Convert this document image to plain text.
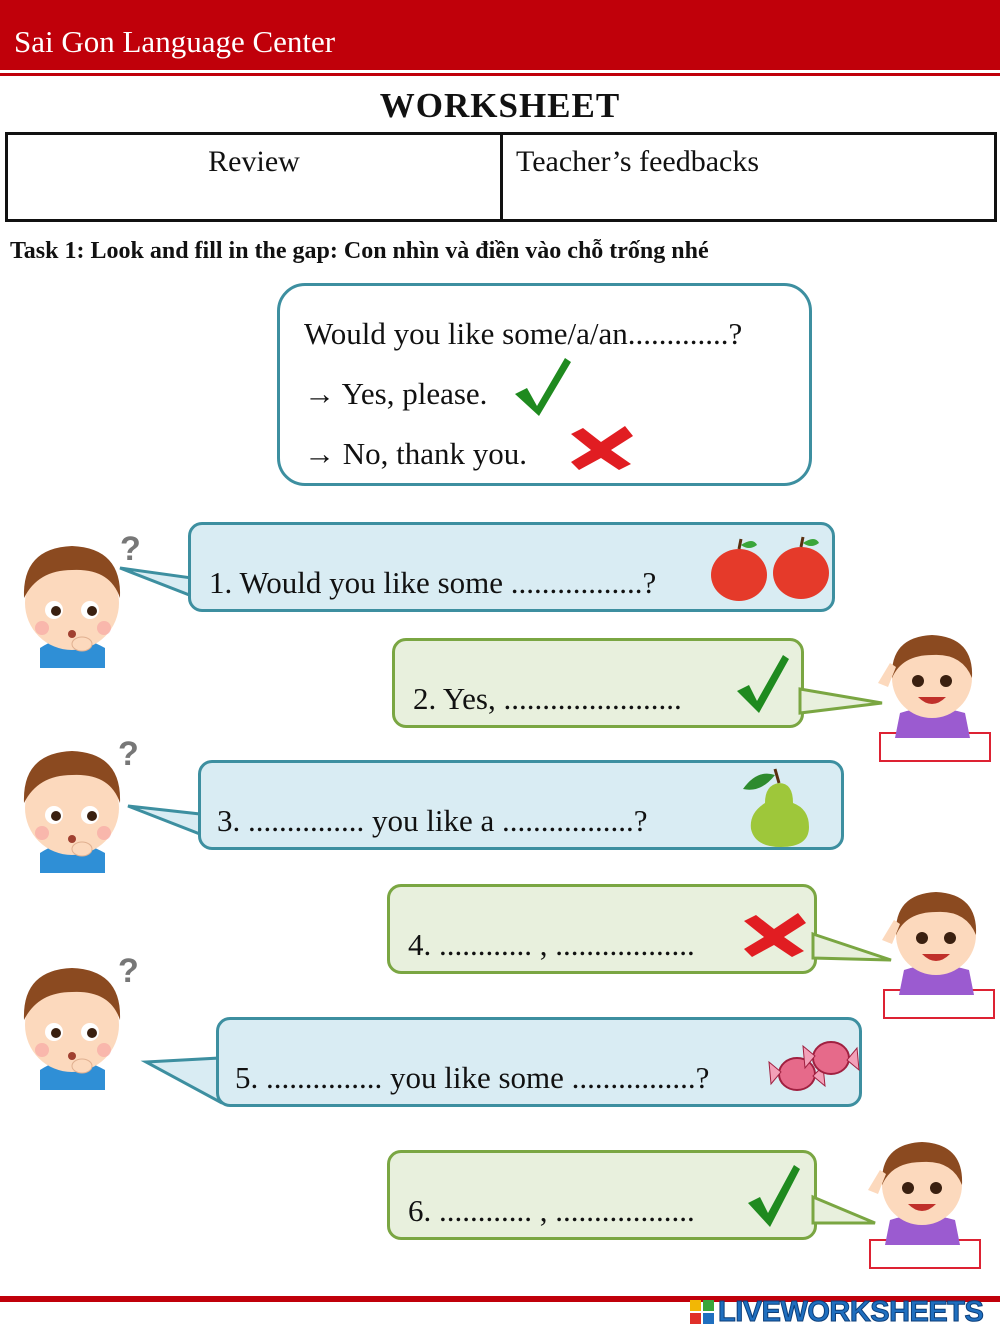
Sai Gon Language Center
WORKSHEET
Review	Teacher’s feedbacks
Task 1: Look and fill in the gap: Con nhìn và điền vào chỗ trống nhé
Would you like some/a/an.............?
→ Yes, please.
→ No, thank you.
?
1. Would you like some .................?
2. Yes, .......................
?
3. ............... you like a .................?
4. ............ , ..................
?
5. ............... you like some ................?
6. ............ , ..................
LIVEWORKSHEETS
